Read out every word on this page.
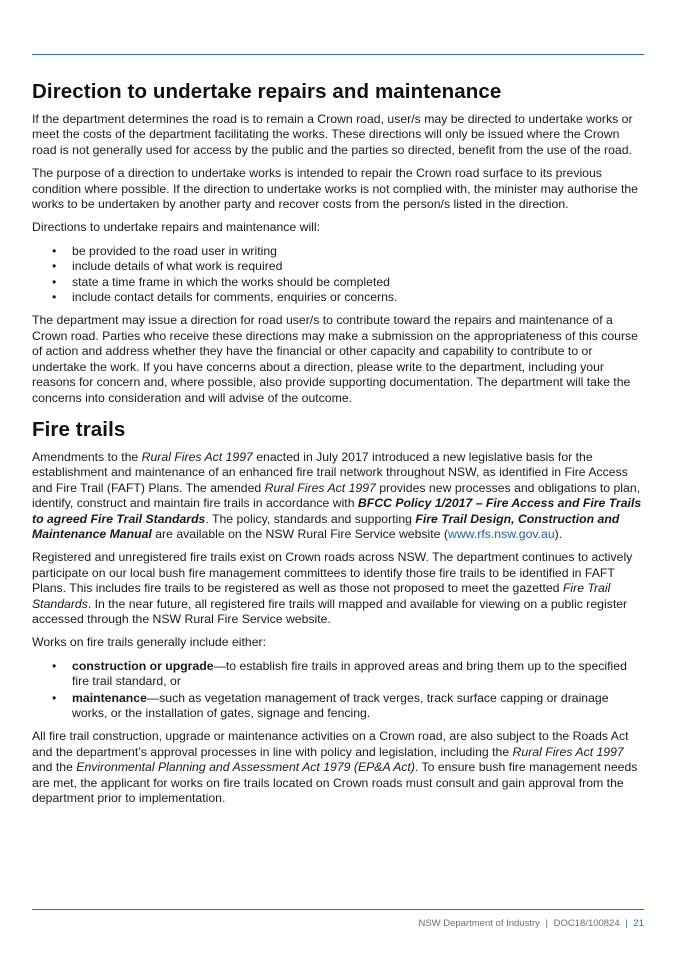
Direction to undertake repairs and maintenance

If the department determines the road is to remain a Crown road, user/s may be directed to undertake works or meet the costs of the department facilitating the works. These directions will only be issued where the Crown road is not generally used for access by the public and the parties so directed, benefit from the use of the road.

The purpose of a direction to undertake works is intended to repair the Crown road surface to its previous condition where possible. If the direction to undertake works is not complied with, the minister may authorise the works to be undertaken by another party and recover costs from the person/s listed in the direction.

Directions to undertake repairs and maintenance will:

• be provided to the road user in writing
• include details of what work is required
• state a time frame in which the works should be completed
• include contact details for comments, enquiries or concerns.

The department may issue a direction for road user/s to contribute toward the repairs and maintenance of a Crown road. Parties who receive these directions may make a submission on the appropriateness of this course of action and address whether they have the financial or other capacity and capability to contribute to or undertake the work. If you have concerns about a direction, please write to the department, including your reasons for concern and, where possible, also provide supporting documentation. The department will take the concerns into consideration and will advise of the outcome.

Fire trails

Amendments to the Rural Fires Act 1997 enacted in July 2017 introduced a new legislative basis for the establishment and maintenance of an enhanced fire trail network throughout NSW, as identified in Fire Access and Fire Trail (FAFT) Plans. The amended Rural Fires Act 1997 provides new processes and obligations to plan, identify, construct and maintain fire trails in accordance with BFCC Policy 1/2017 – Fire Access and Fire Trails to agreed Fire Trail Standards. The policy, standards and supporting Fire Trail Design, Construction and Maintenance Manual are available on the NSW Rural Fire Service website (www.rfs.nsw.gov.au).

Registered and unregistered fire trails exist on Crown roads across NSW. The department continues to actively participate on our local bush fire management committees to identify those fire trails to be identified in FAFT Plans. This includes fire trails to be registered as well as those not proposed to meet the gazetted Fire Trail Standards. In the near future, all registered fire trails will mapped and available for viewing on a public register accessed through the NSW Rural Fire Service website.

Works on fire trails generally include either:

• construction or upgrade—to establish fire trails in approved areas and bring them up to the specified fire trail standard, or
• maintenance—such as vegetation management of track verges, track surface capping or drainage works, or the installation of gates, signage and fencing.

All fire trail construction, upgrade or maintenance activities on a Crown road, are also subject to the Roads Act and the department’s approval processes in line with policy and legislation, including the Rural Fires Act 1997 and the Environmental Planning and Assessment Act 1979 (EP&A Act). To ensure bush fire management needs are met, the applicant for works on fire trails located on Crown roads must consult and gain approval from the department prior to implementation.

NSW Department of Industry | DOC18/100824 | 21
